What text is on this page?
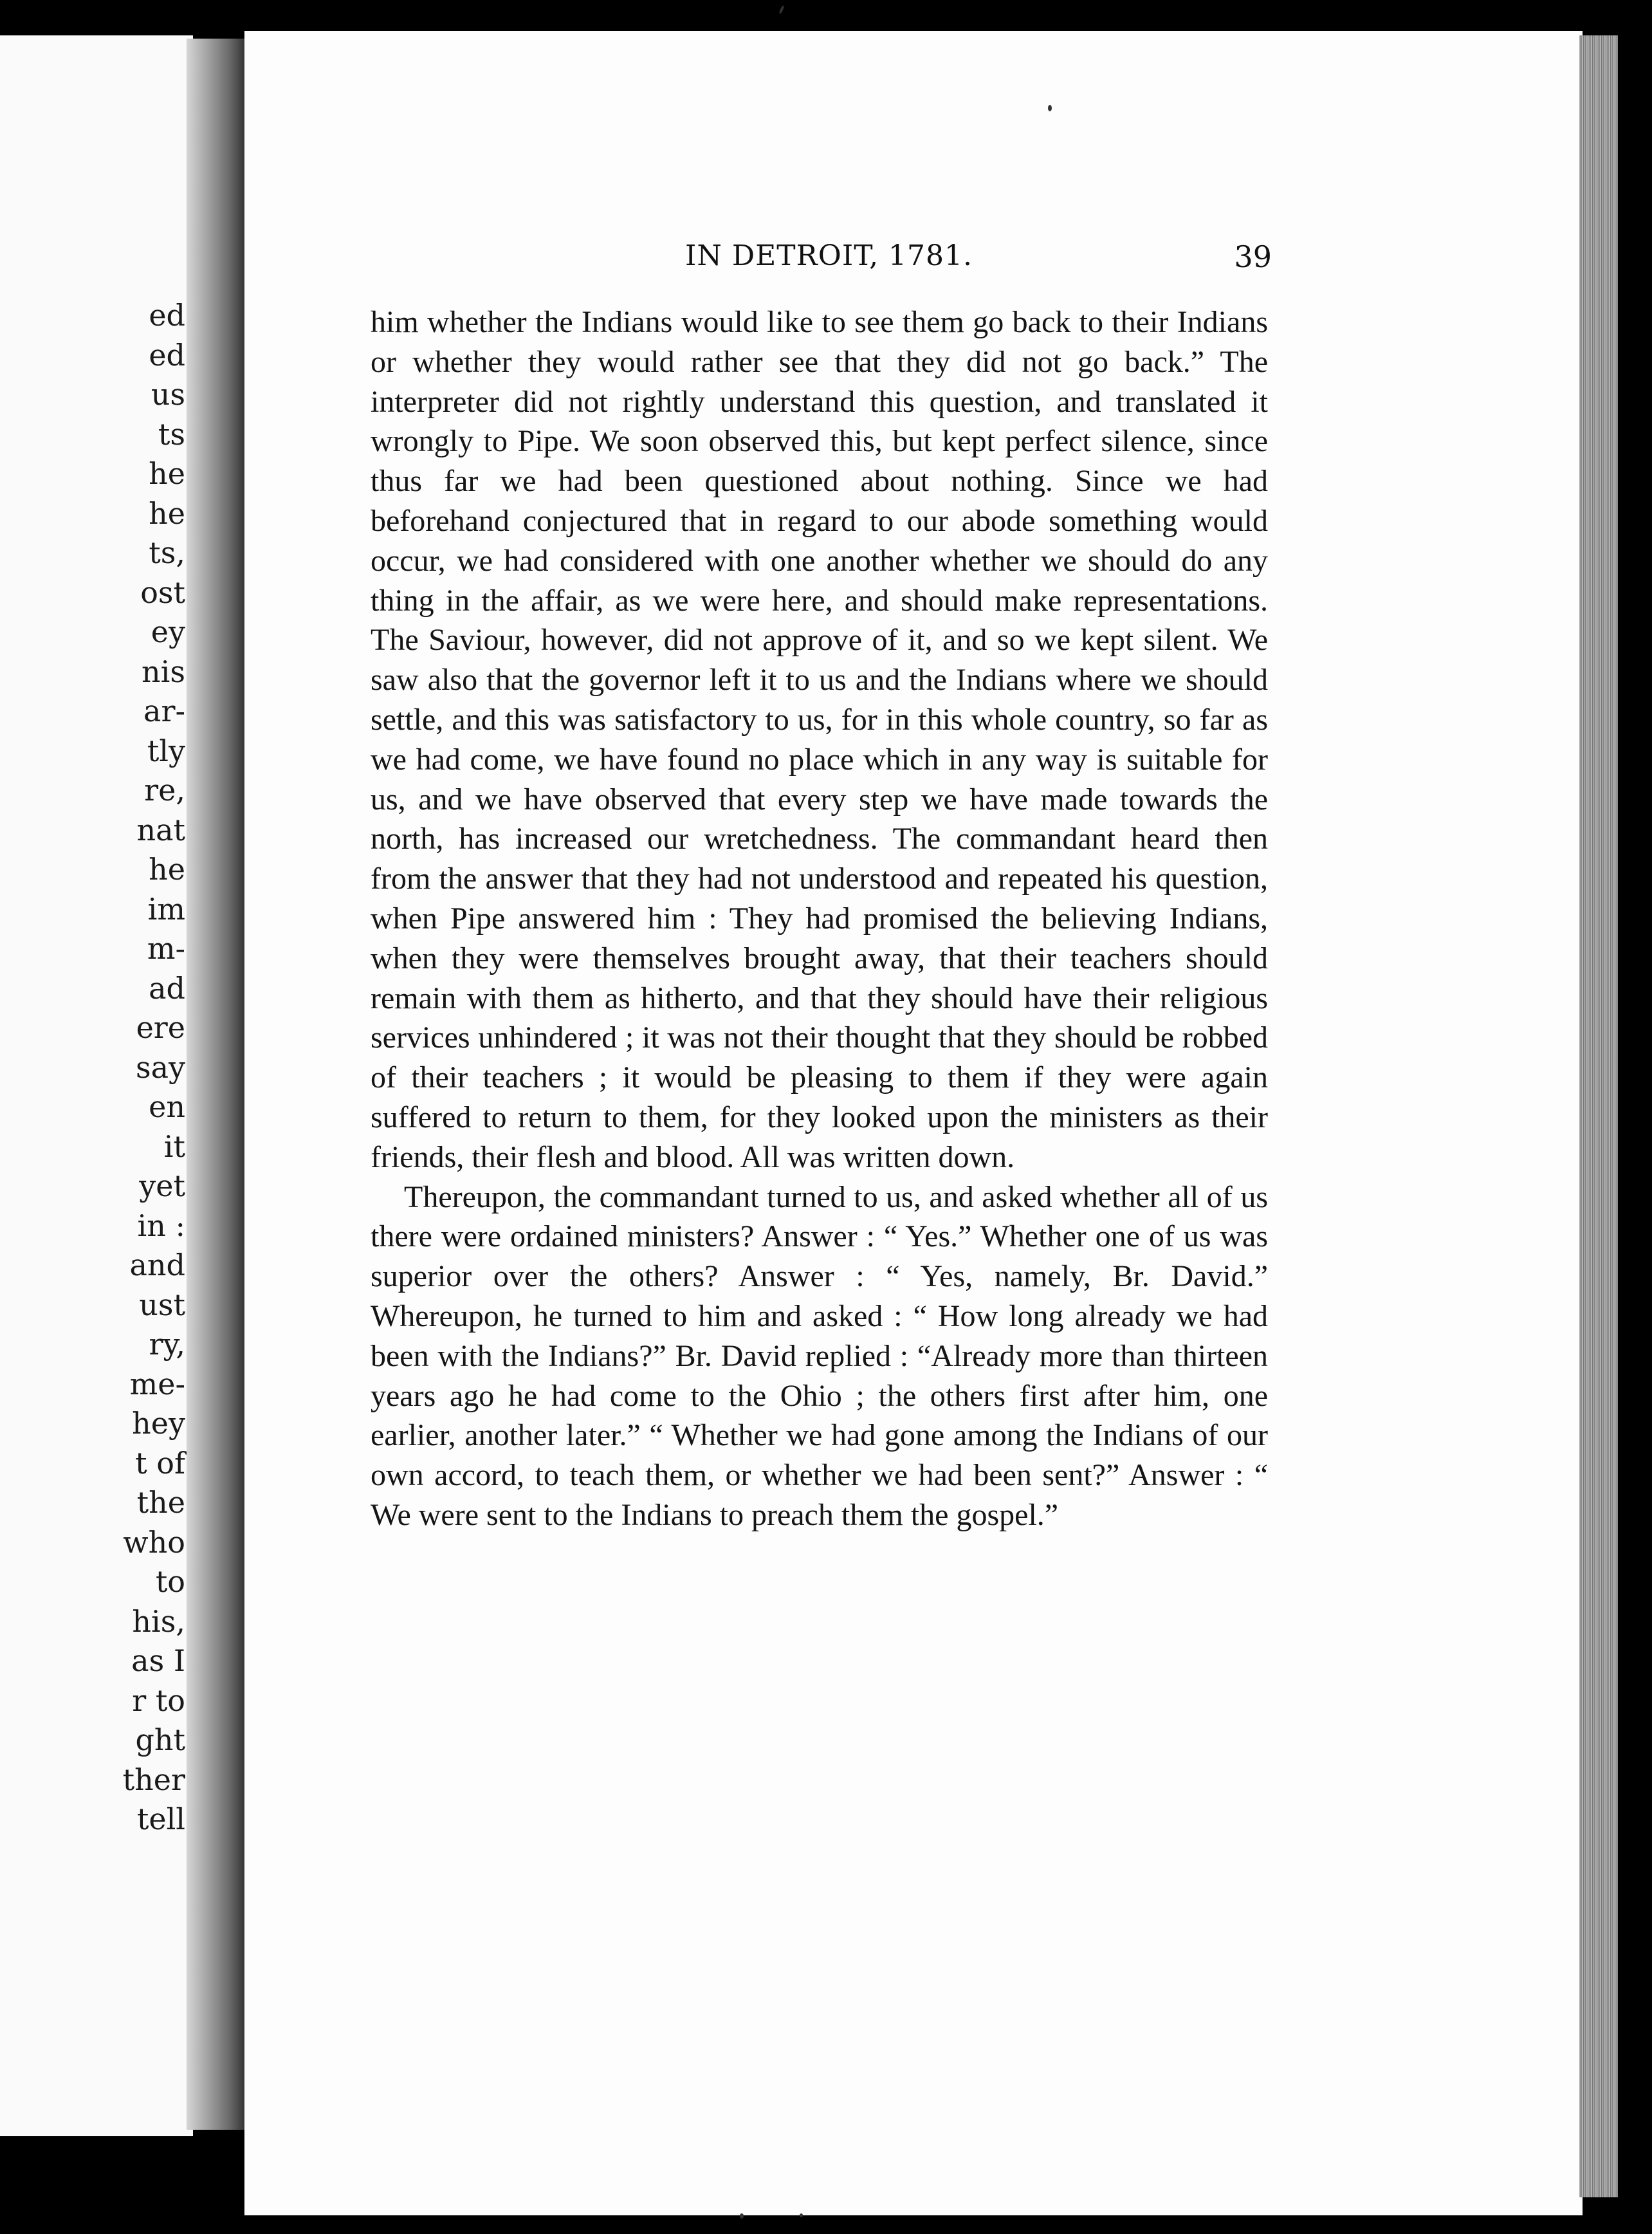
ed
ed
us
ts
he
he
ts,
ost
ey
nis
ar-
tly
re,
nat
he
im
m-
ad
ere
say
en
it
yet
in :
and
ust
ry,
me-
hey
t of
the
who
to
his,
as I
r to
ght
ther
tell
IN DETROIT, 1781.	39

him whether the Indians would like to see them go back to their Indians or whether they would rather see that they did not go back.” The interpreter did not rightly understand this question, and translated it wrongly to Pipe. We soon observed this, but kept perfect silence, since thus far we had been questioned about nothing. Since we had beforehand conjectured that in regard to our abode something would occur, we had considered with one another whether we should do any thing in the affair, as we were here, and should make representations. The Saviour, however, did not approve of it, and so we kept silent. We saw also that the governor left it to us and the Indians where we should settle, and this was satisfactory to us, for in this whole country, so far as we had come, we have found no place which in any way is suitable for us, and we have observed that every step we have made towards the north, has increased our wretchedness. The commandant heard then from the answer that they had not understood and repeated his question, when Pipe answered him : They had promised the believing Indians, when they were themselves brought away, that their teachers should remain with them as hitherto, and that they should have their religious services unhindered ; it was not their thought that they should be robbed of their teachers ; it would be pleasing to them if they were again suffered to return to them, for they looked upon the ministers as their friends, their flesh and blood. All was written down.

Thereupon, the commandant turned to us, and asked whether all of us there were ordained ministers? Answer : “ Yes.” Whether one of us was superior over the others? Answer : “ Yes, namely, Br. David.” Whereupon, he turned to him and asked : “ How long already we had been with the Indians?” Br. David replied : “Already more than thirteen years ago he had come to the Ohio ; the others first after him, one earlier, another later.” “ Whether we had gone among the Indians of our own accord, to teach them, or whether we had been sent?” Answer : “ We were sent to the Indians to preach them the gospel.”
